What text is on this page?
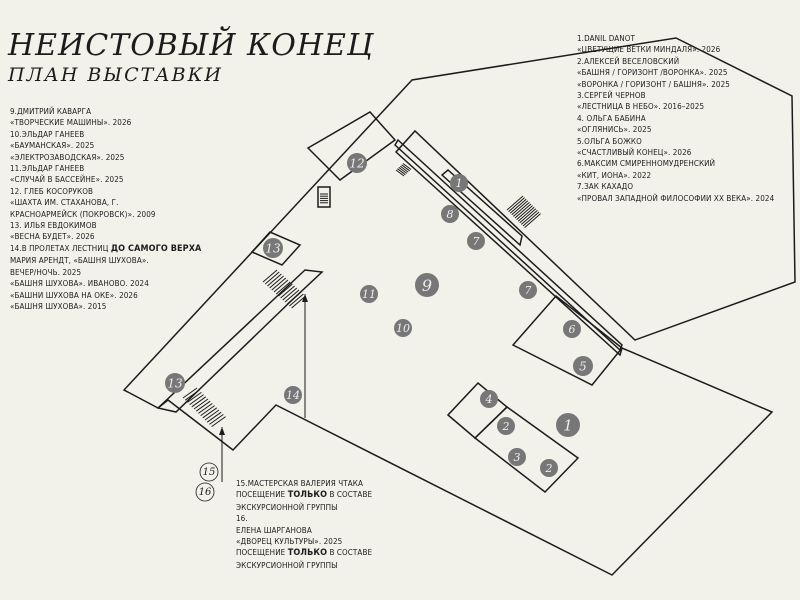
НЕИСТОВЫЙ КОНЕЦ
ПЛАН ВЫСТАВКИ
1
1
2
2
3
4
5
6
7
7
8
9
10
11
12
13
13
14
15
16
1.DANIL DANOT
«ЦВЕТУЩИЕ ВЕТКИ МИНДАЛЯ». 2026
2.АЛЕКСЕЙ ВЕСЕЛОВСКИЙ
«БАШНЯ / ГОРИЗОНТ /ВОРОНКА». 2025
«ВОРОНКА / ГОРИЗОНТ / БАШНЯ». 2025
3.СЕРГЕЙ ЧЕРНОВ
«ЛЕСТНИЦА В НЕБО». 2016–2025
4. ОЛЬГА БАБИНА
«ОГЛЯНИСЬ». 2025
5.ОЛЬГА БОЖКО
«СЧАСТЛИВЫЙ КОНЕЦ». 2026
6.МАКСИМ СМИРЕННОМУДРЕНСКИЙ
«КИТ, ИОНА». 2022
7.ЗАК КАХАДО
«ПРОВАЛ ЗАПАДНОЙ ФИЛОСОФИИ XX ВЕКА». 2024
9.ДМИТРИЙ КАВАРГА
«ТВОРЧЕСКИЕ МАШИНЫ». 2026
10.ЭЛЬДАР ГАНЕЕВ
«БАУМАНСКАЯ». 2025
«ЭЛЕКТРОЗАВОДСКАЯ». 2025
11.ЭЛЬДАР ГАНЕЕВ
«СЛУЧАЙ В БАССЕЙНЕ». 2025
12. ГЛЕБ КОСОРУКОВ
«ШАХТА ИМ. СТАХАНОВА, Г.
КРАСНОАРМЕЙСК (ПОКРОВСК)». 2009
13. ИЛЬЯ ЕВДОКИМОВ
«ВЕСНА БУДЕТ». 2026
14.В ПРОЛЕТАХ ЛЕСТНИЦ ДО САМОГО ВЕРХА
МАРИЯ АРЕНДТ, «БАШНЯ ШУХОВА».
ВЕЧЕР/НОЧЬ. 2025
«БАШНЯ ШУХОВА». ИВАНОВО. 2024
«БАШНИ ШУХОВА НА ОКЕ». 2026
«БАШНЯ ШУХОВА». 2015
15.МАСТЕРСКАЯ ВАЛЕРИЯ ЧТАКА
ПОСЕЩЕНИЕ ТОЛЬКО В СОСТАВЕ
ЭКСКУРСИОННОЙ ГРУППЫ
16.
ЕЛЕНА ШАРГАНОВА
«ДВОРЕЦ КУЛЬТУРЫ». 2025
ПОСЕЩЕНИЕ ТОЛЬКО В СОСТАВЕ
ЭКСКУРСИОННОЙ ГРУППЫ
